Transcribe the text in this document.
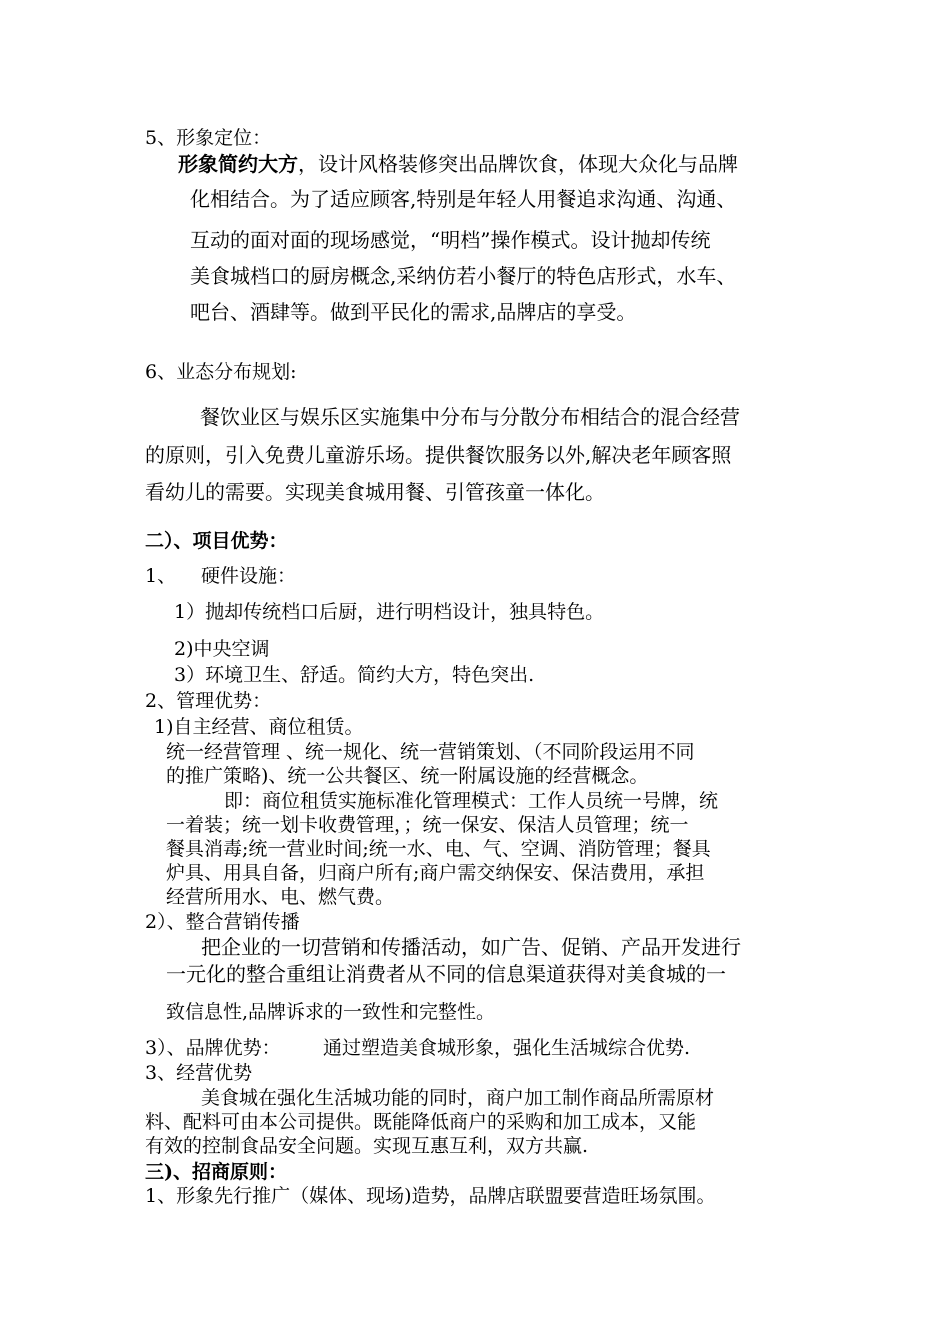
5、形象定位：
形象简约大方，设计风格装修突出品牌饮食，体现大众化与品牌
化相结合。为了适应顾客,特别是年轻人用餐追求沟通、沟通、
互动的面对面的现场感觉，“明档”操作模式。设计抛却传统
美食城档口的厨房概念,采纳仿若小餐厅的特色店形式，水车、
吧台、酒肆等。做到平民化的需求,品牌店的享受。
6、业态分布规划:
餐饮业区与娱乐区实施集中分布与分散分布相结合的混合经营
的原则，引入免费儿童游乐场。提供餐饮服务以外,解决老年顾客照
看幼儿的需要。实现美食城用餐、引管孩童一体化。
二）、项目优势：
1、 硬件设施：
1）抛却传统档口后厨，进行明档设计，独具特色。
2)中央空调
3）环境卫生、舒适。简约大方，特色突出.
2、管理优势：
1)自主经营、商位租赁。
统一经营管理 、统一规化、统一营销策划、（不同阶段运用不同
的推广策略)、统一公共餐区、统一附属设施的经营概念。
即：商位租赁实施标准化管理模式：工作人员统一号牌，统
一着装；统一划卡收费管理，；统一保安、保洁人员管理；统一
餐具消毒;统一营业时间;统一水、电、气、空调、消防管理；餐具
炉具、用具自备，归商户所有;商户需交纳保安、保洁费用，承担
经营所用水、电、燃气费。
2）、整合营销传播
把企业的一切营销和传播活动，如广告、促销、产品开发进行
一元化的整合重组让消费者从不同的信息渠道获得对美食城的一
致信息性,品牌诉求的一致性和完整性。
3）、品牌优势： 通过塑造美食城形象，强化生活城综合优势.
3、经营优势
美食城在强化生活城功能的同时，商户加工制作商品所需原材
料、配料可由本公司提供。既能降低商户的采购和加工成本，又能
有效的控制食品安全问题。实现互惠互利，双方共赢.
三)、招商原则：
1、形象先行推广（媒体、现场)造势，品牌店联盟要营造旺场氛围。
